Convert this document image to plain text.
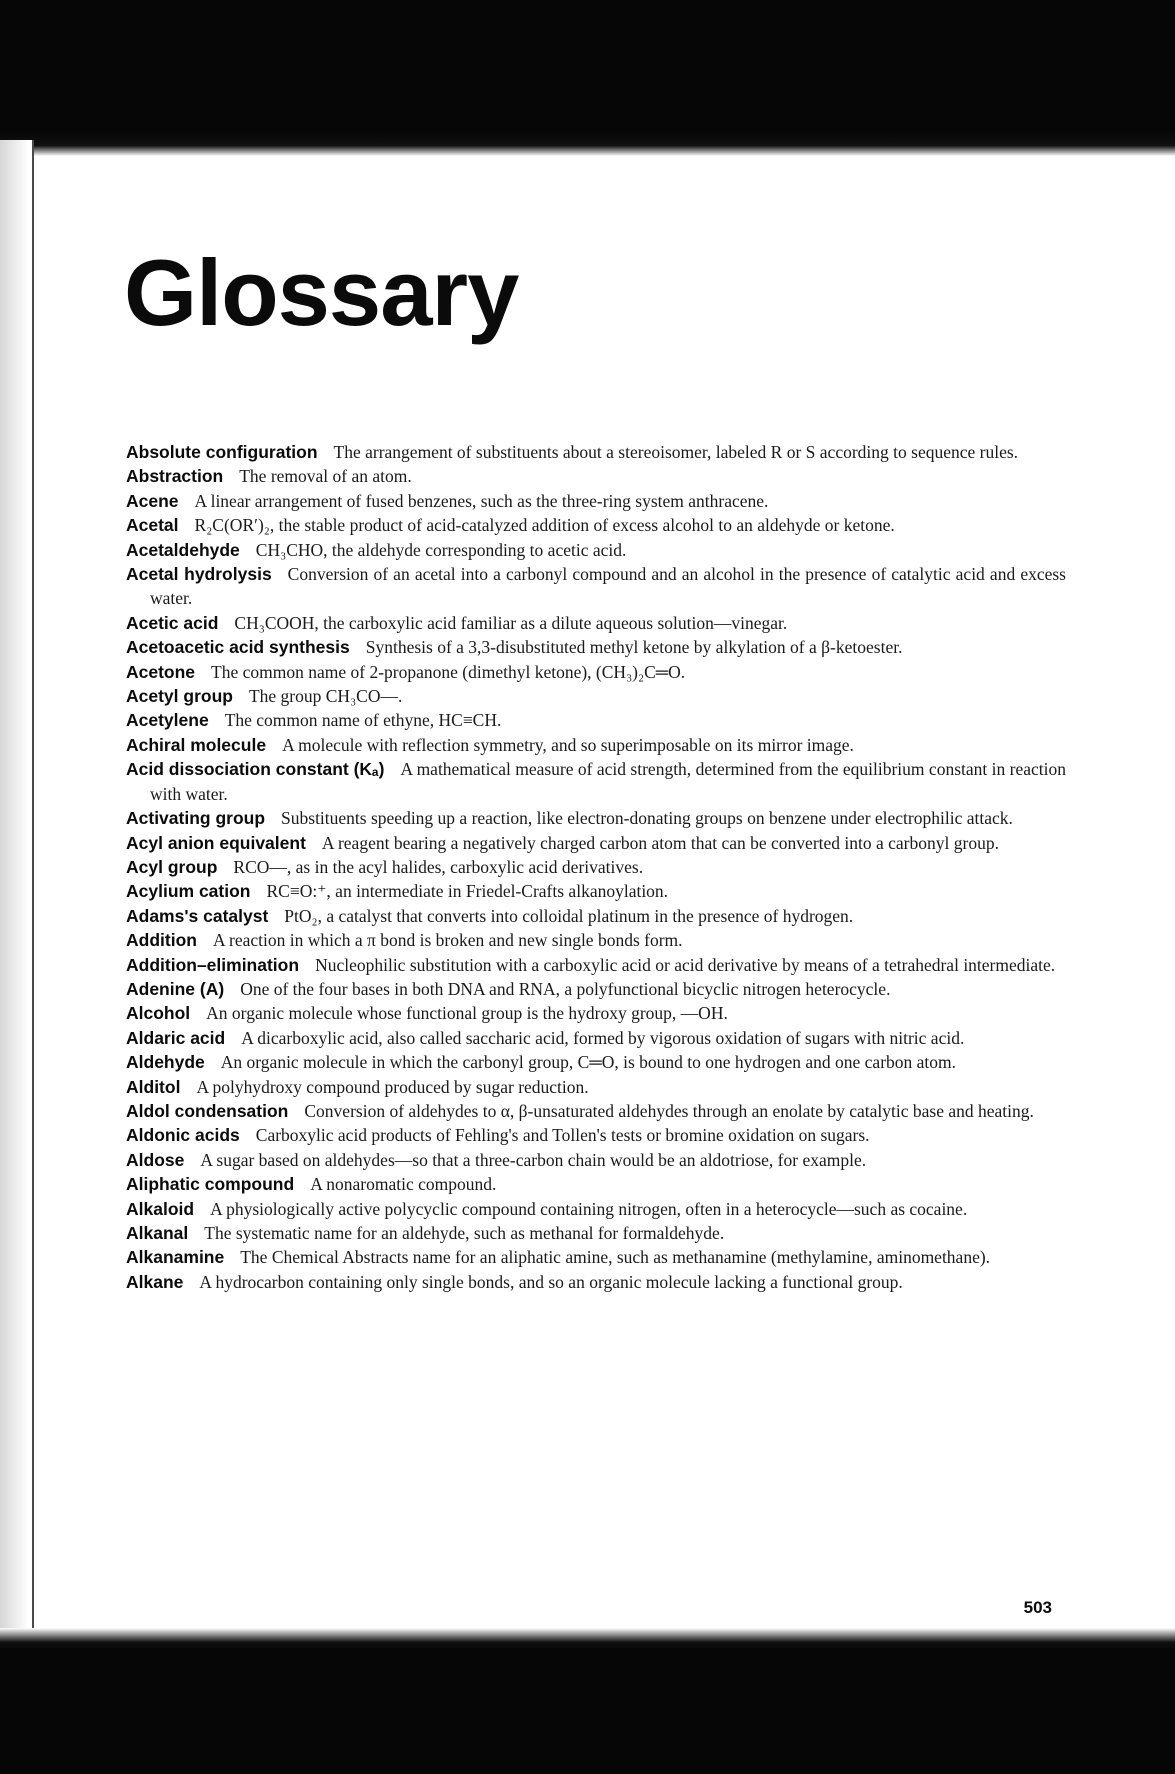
Glossary
Absolute configuration The arrangement of substituents about a stereoisomer, labeled R or S according to sequence rules.
Abstraction The removal of an atom.
Acene A linear arrangement of fused benzenes, such as the three-ring system anthracene.
Acetal R₂C(OR′)₂, the stable product of acid-catalyzed addition of excess alcohol to an aldehyde or ketone.
Acetaldehyde CH₃CHO, the aldehyde corresponding to acetic acid.
Acetal hydrolysis Conversion of an acetal into a carbonyl compound and an alcohol in the presence of catalytic acid and excess water.
Acetic acid CH₃COOH, the carboxylic acid familiar as a dilute aqueous solution—vinegar.
Acetoacetic acid synthesis Synthesis of a 3,3-disubstituted methyl ketone by alkylation of a β-ketoester.
Acetone The common name of 2-propanone (dimethyl ketone), (CH₃)₂C═O.
Acetyl group The group CH₃CO—.
Acetylene The common name of ethyne, HC≡CH.
Achiral molecule A molecule with reflection symmetry, and so superimposable on its mirror image.
Acid dissociation constant (Kₐ) A mathematical measure of acid strength, determined from the equilibrium constant in reaction with water.
Activating group Substituents speeding up a reaction, like electron-donating groups on benzene under electrophilic attack.
Acyl anion equivalent A reagent bearing a negatively charged carbon atom that can be converted into a carbonyl group.
Acyl group RCO—, as in the acyl halides, carboxylic acid derivatives.
Acylium cation RC≡O:⁺, an intermediate in Friedel-Crafts alkanoylation.
Adams's catalyst PtO₂, a catalyst that converts into colloidal platinum in the presence of hydrogen.
Addition A reaction in which a π bond is broken and new single bonds form.
Addition–elimination Nucleophilic substitution with a carboxylic acid or acid derivative by means of a tetrahedral intermediate.
Adenine (A) One of the four bases in both DNA and RNA, a polyfunctional bicyclic nitrogen heterocycle.
Alcohol An organic molecule whose functional group is the hydroxy group, —OH.
Aldaric acid A dicarboxylic acid, also called saccharic acid, formed by vigorous oxidation of sugars with nitric acid.
Aldehyde An organic molecule in which the carbonyl group, C═O, is bound to one hydrogen and one carbon atom.
Alditol A polyhydroxy compound produced by sugar reduction.
Aldol condensation Conversion of aldehydes to α, β-unsaturated aldehydes through an enolate by catalytic base and heating.
Aldonic acids Carboxylic acid products of Fehling's and Tollen's tests or bromine oxidation on sugars.
Aldose A sugar based on aldehydes—so that a three-carbon chain would be an aldotriose, for example.
Aliphatic compound A nonaromatic compound.
Alkaloid A physiologically active polycyclic compound containing nitrogen, often in a heterocycle—such as cocaine.
Alkanal The systematic name for an aldehyde, such as methanal for formaldehyde.
Alkanamine The Chemical Abstracts name for an aliphatic amine, such as methanamine (methylamine, aminomethane).
Alkane A hydrocarbon containing only single bonds, and so an organic molecule lacking a functional group.
503
